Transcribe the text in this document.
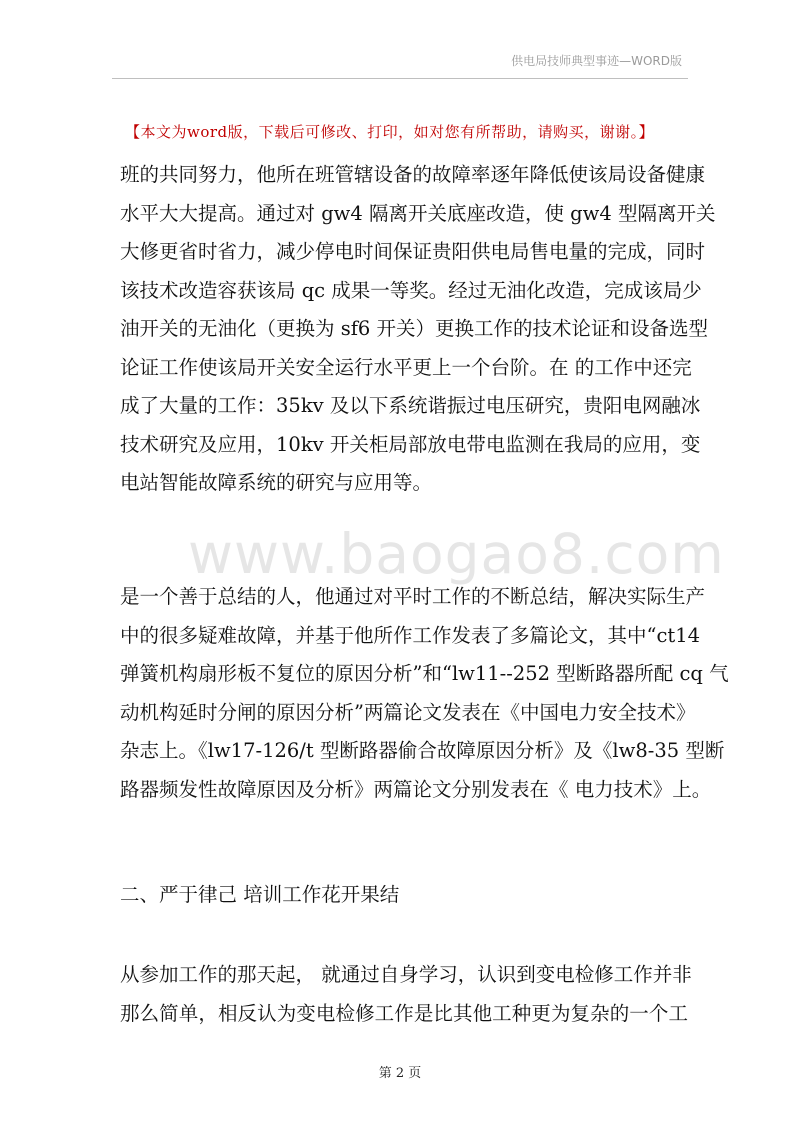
供电局技师典型事迹—WORD版
【本文为word版，下载后可修改、打印，如对您有所帮助，请购买，谢谢。】
班的共同努力，他所在班管辖设备的故障率逐年降低使该局设备健康
水平大大提高。通过对 gw4 隔离开关底座改造，使 gw4 型隔离开关
大修更省时省力，减少停电时间保证贵阳供电局售电量的完成，同时
该技术改造容获该局 qc 成果一等奖。经过无油化改造，完成该局少
油开关的无油化（更换为 sf6 开关）更换工作的技术论证和设备选型
论证工作使该局开关安全运行水平更上一个台阶。在 的工作中还完
成了大量的工作：35kv 及以下系统谐振过电压研究，贵阳电网融冰
技术研究及应用，10kv 开关柜局部放电带电监测在我局的应用，变
电站智能故障系统的研究与应用等。
www.baogao8.com
是一个善于总结的人，他通过对平时工作的不断总结，解决实际生产
中的很多疑难故障，并基于他所作工作发表了多篇论文，其中“ct14
弹簧机构扇形板不复位的原因分析”和“lw11--252 型断路器所配 cq 气
动机构延时分闸的原因分析”两篇论文发表在《中国电力安全技术》
杂志上。《lw17-126/t 型断路器偷合故障原因分析》及《lw8-35 型断
路器频发性故障原因及分析》两篇论文分别发表在《 电力技术》上。
二、严于律己 培训工作花开果结
从参加工作的那天起， 就通过自身学习，认识到变电检修工作并非
那么简单，相反认为变电检修工作是比其他工种更为复杂的一个工
第 2 页
